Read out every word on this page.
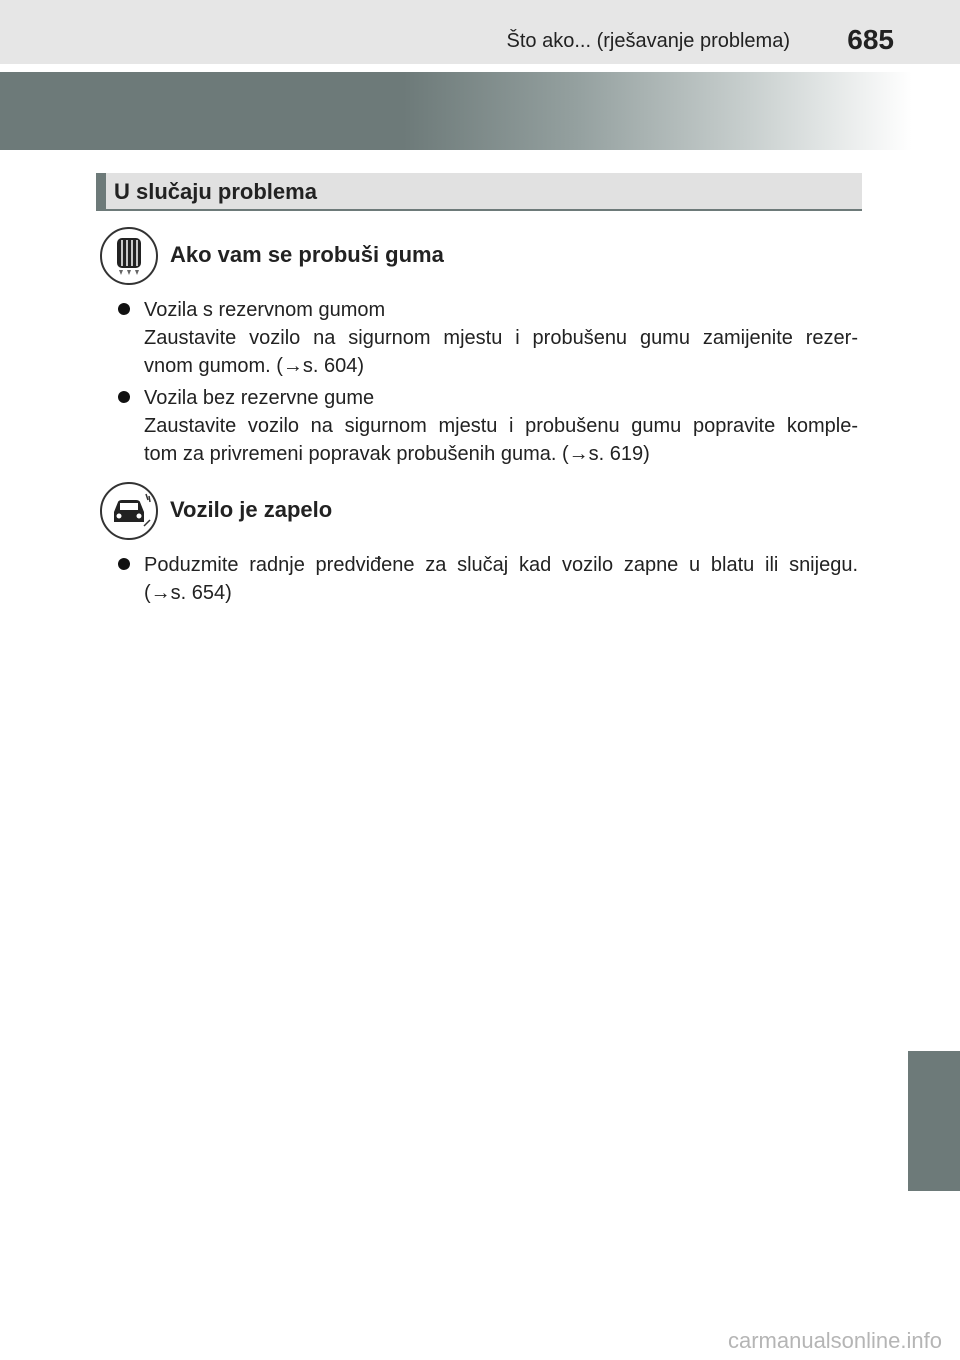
Što ako... (rješavanje problema) 685
U slučaju problema
Ako vam se probuši guma
Vozila s rezervnom gumom
Zaustavite vozilo na sigurnom mjestu i probušenu gumu zamijenite rezer-
vnom gumom. (→s. 604)
Vozila bez rezervne gume
Zaustavite vozilo na sigurnom mjestu i probušenu gumu popravite komple-
tom za privremeni popravak probušenih guma. (→s. 619)
Vozilo je zapelo
Poduzmite radnje predviđene za slučaj kad vozilo zapne u blatu ili snijegu.
(→s. 654)
carmanualsonline.info
